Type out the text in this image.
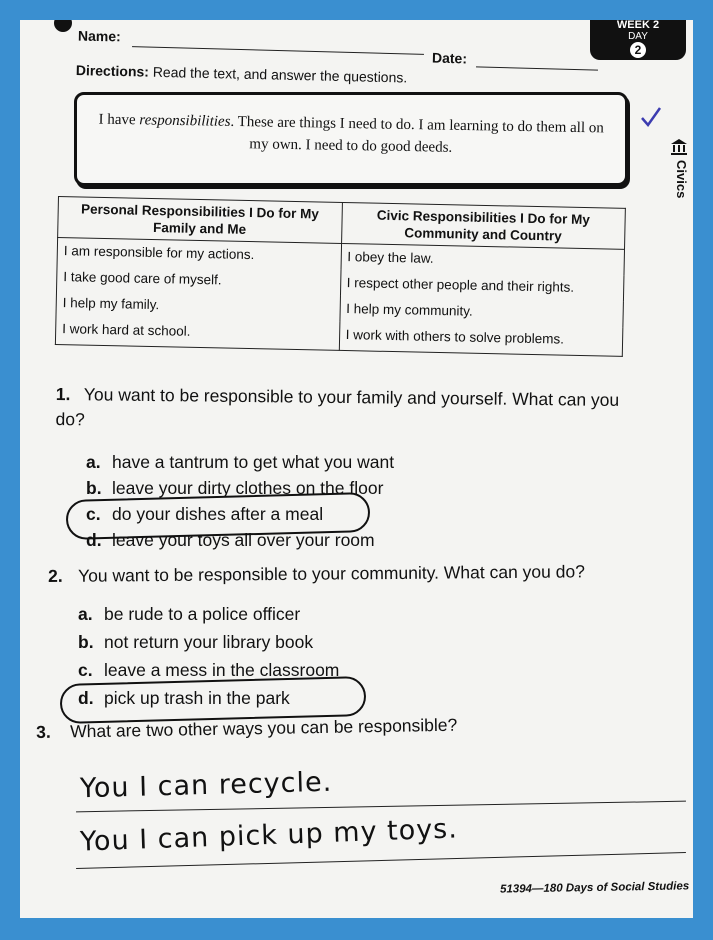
Name:
Date:
WEEK 2
DAY
2
Directions: Read the text, and answer the questions.

I have responsibilities. These are things I need to do. I am learning to do them all on my own. I need to do good deeds.

Civics
Personal Responsibilities I Do for My Family and Me	Civic Responsibilities I Do for My Community and Country
I am responsible for my actions.	I obey the law.
I take good care of myself.	I respect other people and their rights.
I help my family.	I help my community.
I work hard at school.	I work with others to solve problems.
1. You want to be responsible to your family and yourself. What can you do?
a. have a tantrum to get what you want
b. leave your dirty clothes on the floor
c. do your dishes after a meal
d. leave your toys all over your room
2. You want to be responsible to your community. What can you do?
a. be rude to a police officer
b. not return your library book
c. leave a mess in the classroom
d. pick up trash in the park
3. What are two other ways you can be responsible?
You I can recycle.
You I can pick up my toys.
51394—180 Days of Social Studies
